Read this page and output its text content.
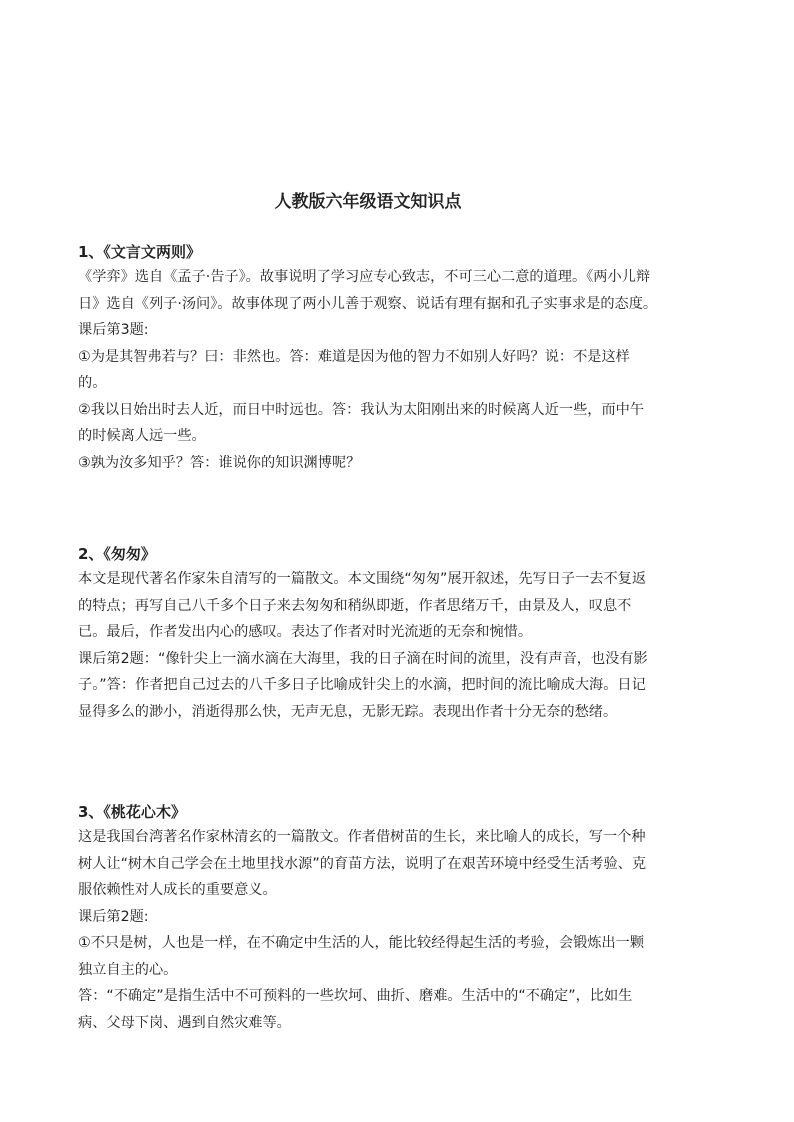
人教版六年级语文知识点

1、《文言文两则》

《学弈》选自《孟子·告子》。故事说明了学习应专心致志，不可三心二意的道理。《两小儿辩日》选自《列子·汤问》。故事体现了两小儿善于观察、说话有理有据和孔子实事求是的态度。

课后第3题:

①为是其智弗若与？曰：非然也。答：难道是因为他的智力不如别人好吗？说：不是这样的。

②我以日始出时去人近，而日中时远也。答：我认为太阳刚出来的时候离人近一些，而中午的时候离人远一些。

③孰为汝多知乎？答：谁说你的知识渊博呢？

2、《匆匆》

本文是现代著名作家朱自清写的一篇散文。本文围绕“匆匆”展开叙述，先写日子一去不复返的特点；再写自己八千多个日子来去匆匆和稍纵即逝，作者思绪万千，由景及人，叹息不已。最后，作者发出内心的感叹。表达了作者对时光流逝的无奈和惋惜。

课后第2题：“像针尖上一滴水滴在大海里，我的日子滴在时间的流里，没有声音，也没有影子。”答：作者把自己过去的八千多日子比喻成针尖上的水滴，把时间的流比喻成大海。日记显得多么的渺小，消逝得那么快，无声无息，无影无踪。表现出作者十分无奈的愁绪。

3、《桃花心木》

这是我国台湾著名作家林清玄的一篇散文。作者借树苗的生长，来比喻人的成长，写一个种树人让“树木自己学会在土地里找水源”的育苗方法，说明了在艰苦环境中经受生活考验、克服依赖性对人成长的重要意义。

课后第2题:

①不只是树，人也是一样，在不确定中生活的人，能比较经得起生活的考验，会锻炼出一颗独立自主的心。

答：“不确定”是指生活中不可预料的一些坎坷、曲折、磨难。生活中的“不确定”，比如生病、父母下岗、遇到自然灾难等。
